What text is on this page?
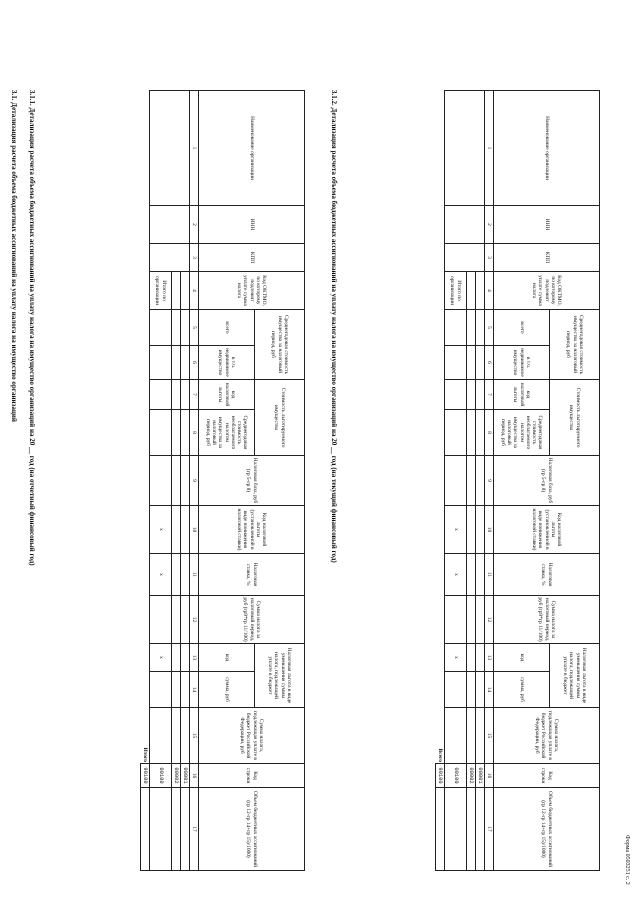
Форма 0503251 с. 2
3.1. Детализация расчета объема бюджетных ассигнований на уплату налога на имущество организаций 3.1.1. Детализация расчета объема бюджетных ассигнований на уплату налога на имущество организаций на 20 __ год (на отчетный финансовый год)	3.1.2. Детализация расчета объема бюджетных ассигнований на уплату налога на имущество организаций на 20 __ год (на текущий финансовый год)
Наименование организации	ИНН	КПП	Код ОКТМО, по которому подлежит уплате сумма налога	Среднегодовая стоимость имущества за налоговый период, руб		Стоимость льготируемого имущества		Налоговая база, руб (гр 5-гр 8)	Код налоговой льготы (установленной в виде понижения налоговой ставки)	Налоговая ставка, %	Сумма налога за налоговый период, руб (гр9*гр 11/100)	Налоговая льгота в виде уменьшения суммы налога, подлежащей уплате в бюджет		Сумма налога, подлежащая уплате в бюджет Российской Федерации, руб	Код строки	Объем бюджетных ассигнований (гр 12-гр 14+гр 15)/1000)
				всего	в т.ч. недвижимое имущество	код налоговой льготы	Среднегодовая стоимость необлагаемого налогом имущества за налоговый период, руб					код	сумма, руб			
1	2	3	4	5	6	7	8	9	10	11	12	13	14	15	16	17
															00001	
															00002	
			Итого по организации						x	x		x			00100	
Итого															90100	
Наименование организации	ИНН	КПП	Код ОКТМО, по которому подлежит уплате сумма налога	Среднегодовая стоимость имущества за налоговый период, руб		Стоимость льготируемого имущества		Налоговая база, руб (гр 5-гр 8)	Код налоговой льготы (установленной в виде понижения налоговой ставки)	Налоговая ставка, %	Сумма налога за налоговый период, руб (гр9*гр 11/100)	Налоговая льгота в виде уменьшения суммы налога, подлежащей уплате в бюджет		Сумма налога, подлежащая уплате в бюджет Российской Федерации, руб	Код строки	Объем бюджетных ассигнований (гр 12-гр 14+гр 15)/1000)
				всего	в т.ч. недвижимое имущество	код налоговой льготы	Среднегодовая стоимость необлагаемого налогом имущества за налоговый период, руб					код	сумма, руб			
1	2	3	4	5	6	7	8	9	10	11	12	13	14	15	16	17
															00001	
															00002	
			Итого по организации						x	x		x			00100	
Всего															90100	
